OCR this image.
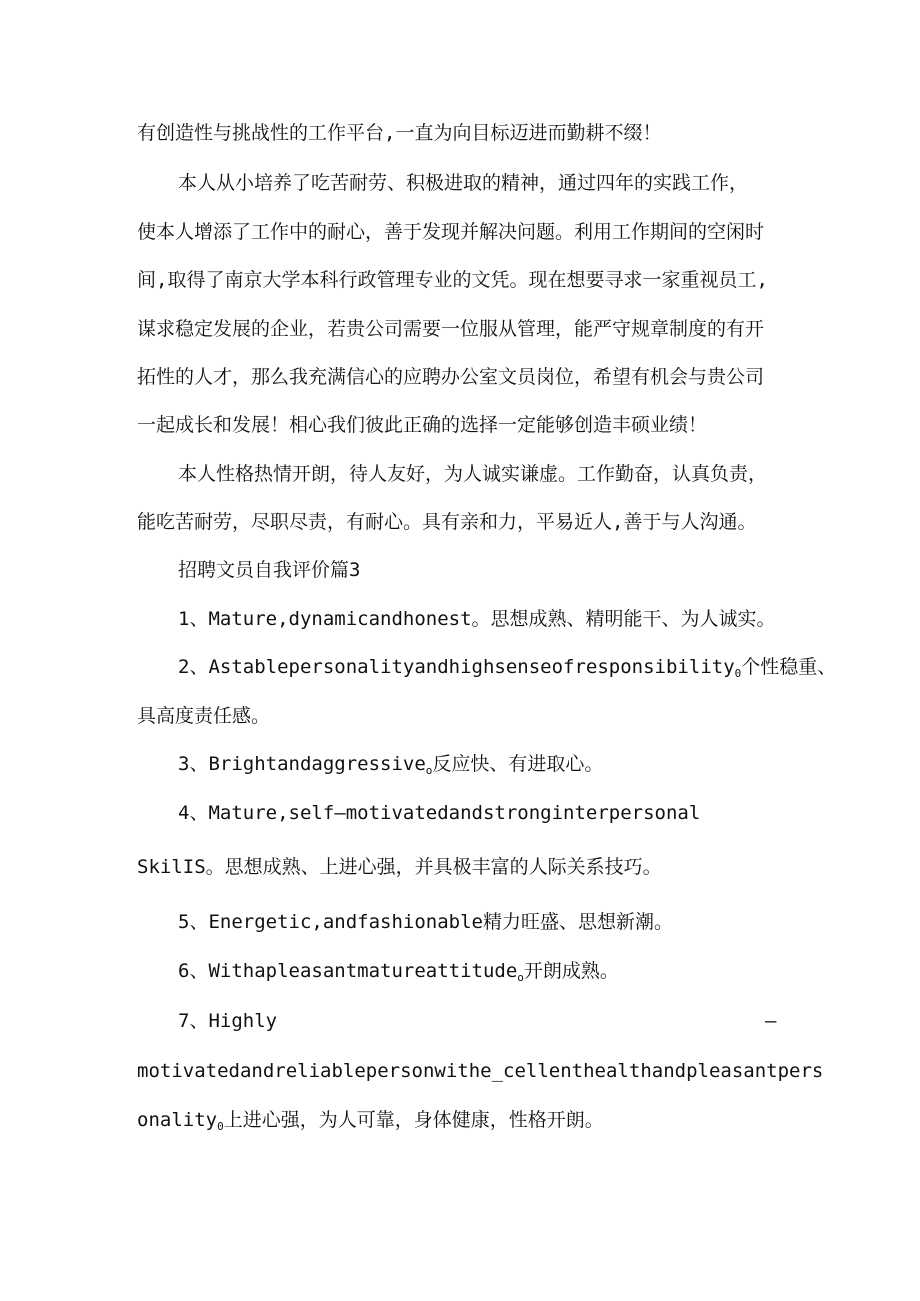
有创造性与挑战性的工作平台,一直为向目标迈进而勤耕不缀！
本人从小培养了吃苦耐劳、积极进取的精神，通过四年的实践工作，
使本人增添了工作中的耐心，善于发现并解决问题。利用工作期间的空闲时
间,取得了南京大学本科行政管理专业的文凭。现在想要寻求一家重视员工,
谋求稳定发展的企业，若贵公司需要一位服从管理，能严守规章制度的有开
拓性的人才，那么我充满信心的应聘办公室文员岗位，希望有机会与贵公司
一起成长和发展！相心我们彼此正确的选择一定能够创造丰硕业绩！
本人性格热情开朗，待人友好，为人诚实谦虚。工作勤奋，认真负责，
能吃苦耐劳，尽职尽责，有耐心。具有亲和力，平易近人,善于与人沟通。
招聘文员自我评价篇3
1、Mature,dynamicandhonest。思想成熟、精明能干、为人诚实。
2、Astablepersonalityandhighsenseofresponsibility$_0$个性稳重、
具高度责任感。
3、Brightandaggressive$_o$反应快、有进取心。
4、Mature,self—motivatedandstronginterpersonal
SkilIS。思想成熟、上进心强，并具极丰富的人际关系技巧。
5、Energetic,andfashionable精力旺盛、思想新潮。
6、Withapleasantmatureattitude$_o$开朗成熟。
7、Highly	—
motivatedandreliablepersonwithe_cellenthealthandpleasantpers
onality$_0$上进心强，为人可靠，身体健康，性格开朗。
